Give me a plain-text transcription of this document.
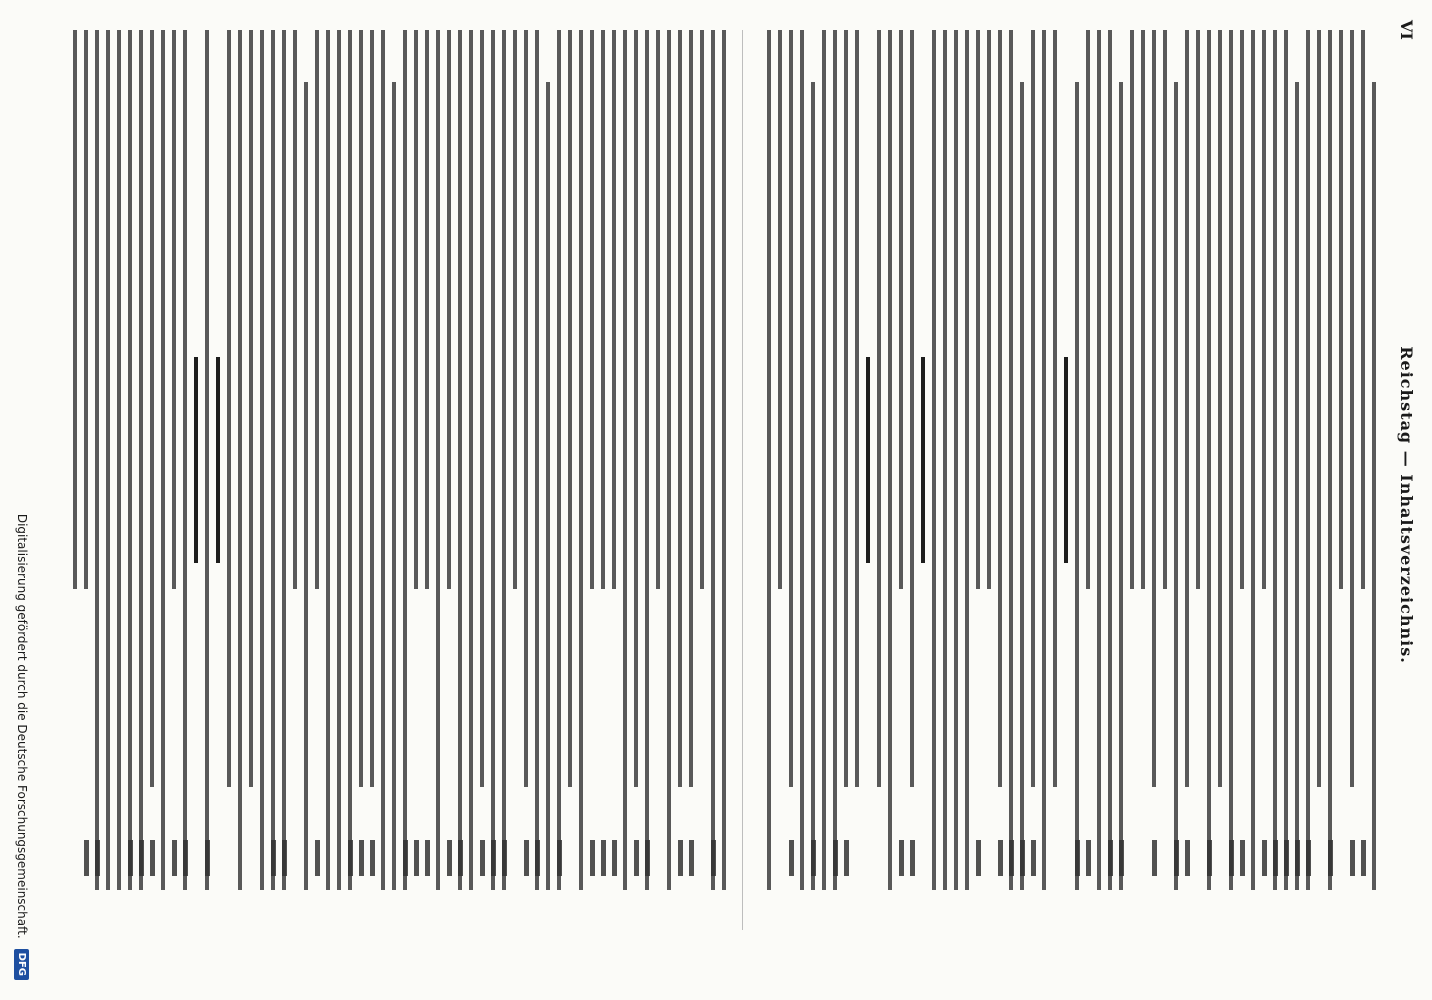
VI
Reichstag — Inhaltsverzeichnis.
Digitalisierung gefördert durch die Deutsche Forschungsgemeinschaft.
DFG
